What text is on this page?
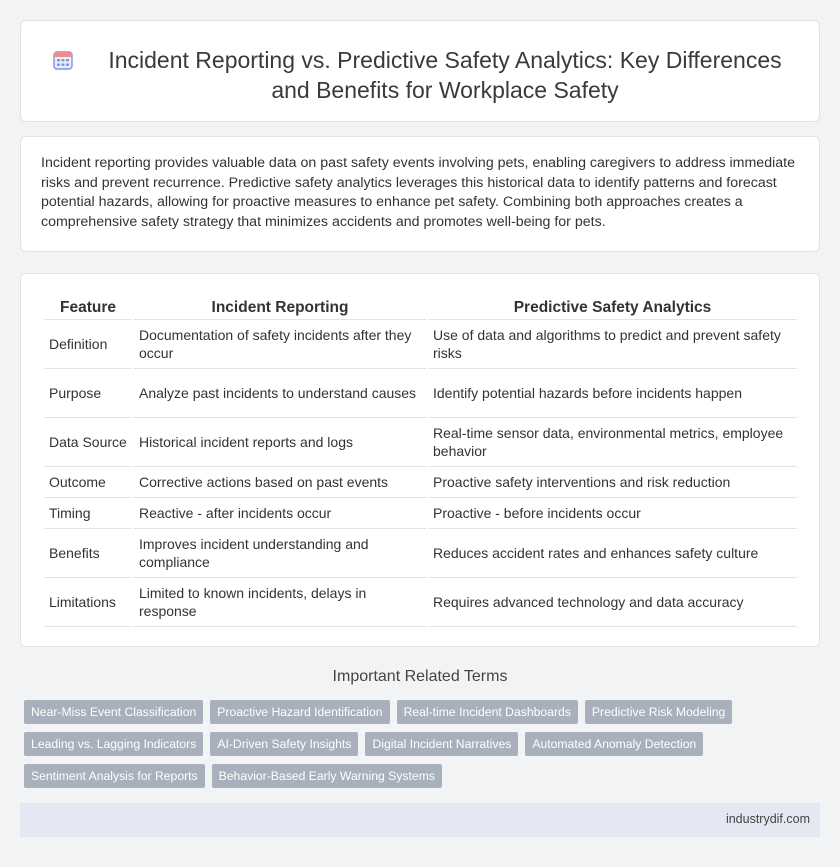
Incident Reporting vs. Predictive Safety Analytics: Key Differences and Benefits for Workplace Safety

Incident reporting provides valuable data on past safety events involving pets, enabling caregivers to address immediate risks and prevent recurrence. Predictive safety analytics leverages this historical data to identify patterns and forecast potential hazards, allowing for proactive measures to enhance pet safety. Combining both approaches creates a comprehensive safety strategy that minimizes accidents and promotes well-being for pets.

Feature	Incident Reporting	Predictive Safety Analytics
Definition	Documentation of safety incidents after they occur	Use of data and algorithms to predict and prevent safety risks
Purpose	Analyze past incidents to understand causes	Identify potential hazards before incidents happen
Data Source	Historical incident reports and logs	Real-time sensor data, environmental metrics, employee behavior
Outcome	Corrective actions based on past events	Proactive safety interventions and risk reduction
Timing	Reactive - after incidents occur	Proactive - before incidents occur
Benefits	Improves incident understanding and compliance	Reduces accident rates and enhances safety culture
Limitations	Limited to known incidents, delays in response	Requires advanced technology and data accuracy
Important Related Terms
Near-Miss Event Classification	Proactive Hazard Identification	Real-time Incident Dashboards	Predictive Risk Modeling
Leading vs. Lagging Indicators	AI-Driven Safety Insights	Digital Incident Narratives	Automated Anomaly Detection
Sentiment Analysis for Reports	Behavior-Based Early Warning Systems
industrydif.com
